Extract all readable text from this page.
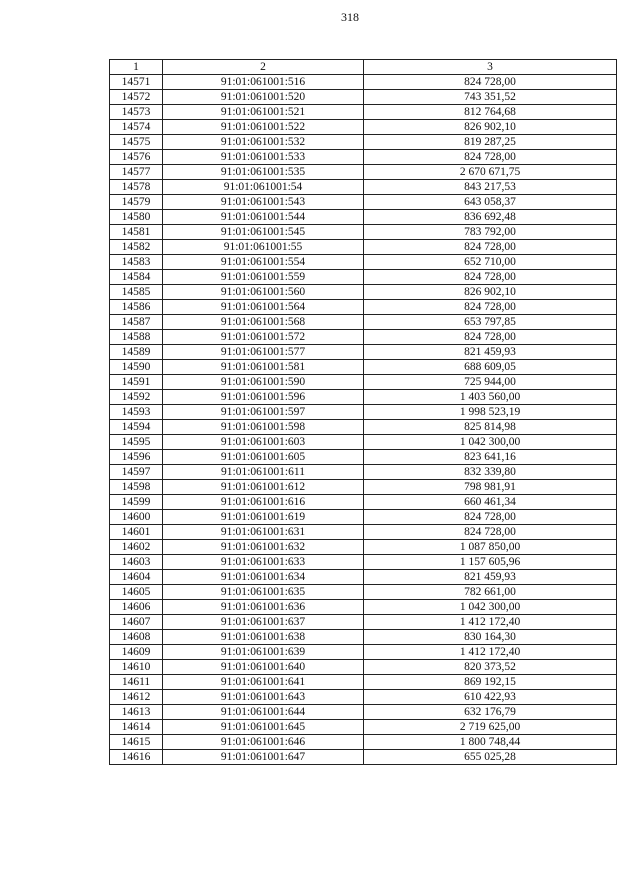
318
1	2	3
14571	91:01:061001:516	824 728,00
14572	91:01:061001:520	743 351,52
14573	91:01:061001:521	812 764,68
14574	91:01:061001:522	826 902,10
14575	91:01:061001:532	819 287,25
14576	91:01:061001:533	824 728,00
14577	91:01:061001:535	2 670 671,75
14578	91:01:061001:54	843 217,53
14579	91:01:061001:543	643 058,37
14580	91:01:061001:544	836 692,48
14581	91:01:061001:545	783 792,00
14582	91:01:061001:55	824 728,00
14583	91:01:061001:554	652 710,00
14584	91:01:061001:559	824 728,00
14585	91:01:061001:560	826 902,10
14586	91:01:061001:564	824 728,00
14587	91:01:061001:568	653 797,85
14588	91:01:061001:572	824 728,00
14589	91:01:061001:577	821 459,93
14590	91:01:061001:581	688 609,05
14591	91:01:061001:590	725 944,00
14592	91:01:061001:596	1 403 560,00
14593	91:01:061001:597	1 998 523,19
14594	91:01:061001:598	825 814,98
14595	91:01:061001:603	1 042 300,00
14596	91:01:061001:605	823 641,16
14597	91:01:061001:611	832 339,80
14598	91:01:061001:612	798 981,91
14599	91:01:061001:616	660 461,34
14600	91:01:061001:619	824 728,00
14601	91:01:061001:631	824 728,00
14602	91:01:061001:632	1 087 850,00
14603	91:01:061001:633	1 157 605,96
14604	91:01:061001:634	821 459,93
14605	91:01:061001:635	782 661,00
14606	91:01:061001:636	1 042 300,00
14607	91:01:061001:637	1 412 172,40
14608	91:01:061001:638	830 164,30
14609	91:01:061001:639	1 412 172,40
14610	91:01:061001:640	820 373,52
14611	91:01:061001:641	869 192,15
14612	91:01:061001:643	610 422,93
14613	91:01:061001:644	632 176,79
14614	91:01:061001:645	2 719 625,00
14615	91:01:061001:646	1 800 748,44
14616	91:01:061001:647	655 025,28
